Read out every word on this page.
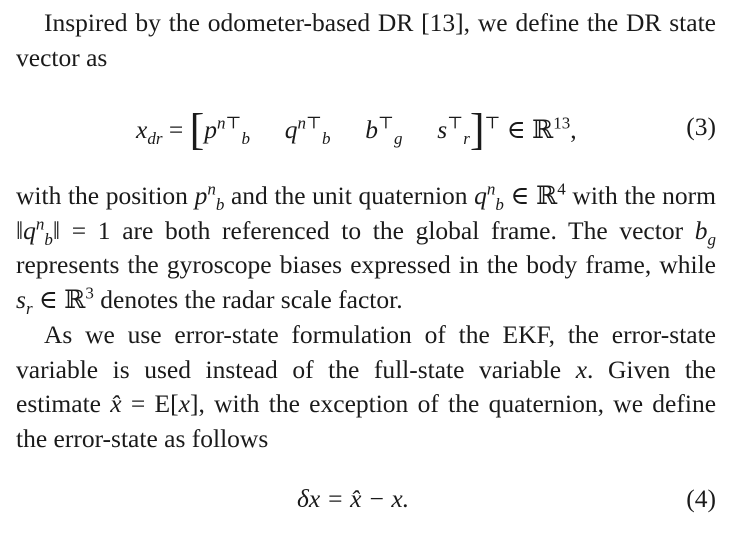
Inspired by the odometer-based DR [13], we define the DR state vector as

$x_{dr} = [p^{n⊤}_b$ $q^{n⊤}_b$ $b^⊤_g$ $s^⊤_r]^⊤$ ∈ ℝ$^{13}$,	(3)

with the position $p^n_b$ and the unit quaternion $q^n_b$ ∈ ℝ$^4$ with the norm $‖q^n_b‖ = 1$ are both referenced to the global frame. The vector $b_g$ represents the gyroscope biases expressed in the body frame, while $s_r$ ∈ ℝ$^3$ denotes the radar scale factor.

As we use error-state formulation of the EKF, the error-state variable is used instead of the full-state variable x. Given the estimate x̂ = E[x], with the exception of the quaternion, we define the error-state as follows

δx = x̂ − x.	(4)
